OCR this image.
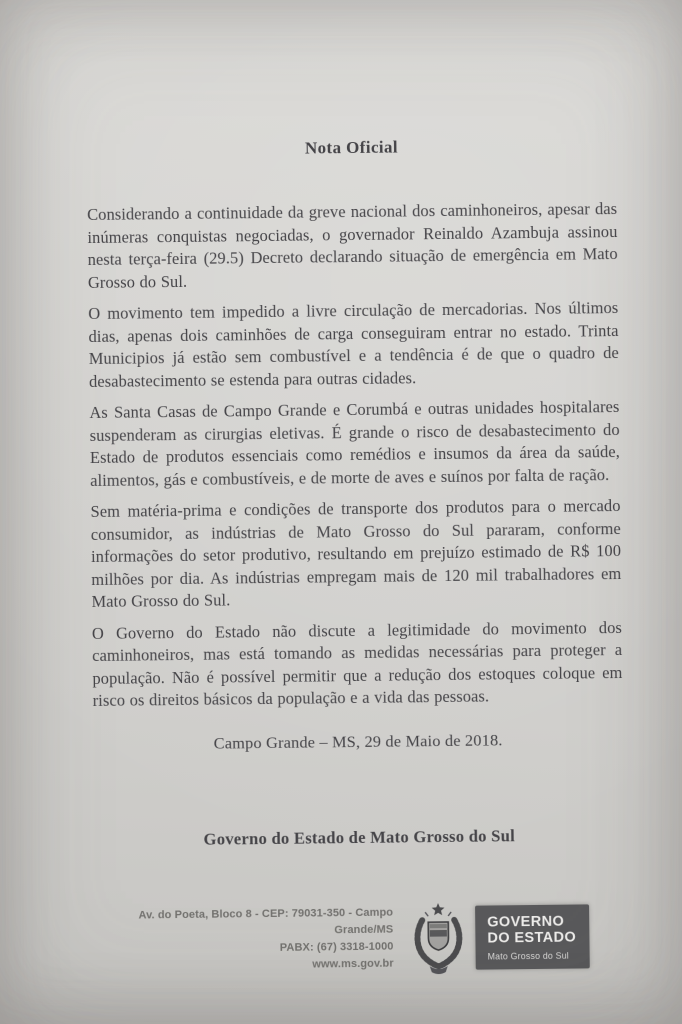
Nota Oficial

Considerando a continuidade da greve nacional dos caminhoneiros, apesar das inúmeras conquistas negociadas, o governador Reinaldo Azambuja assinou nesta terça-feira (29.5) Decreto declarando situação de emergência em Mato Grosso do Sul.

O movimento tem impedido a livre circulação de mercadorias. Nos últimos dias, apenas dois caminhões de carga conseguiram entrar no estado. Trinta Municipios já estão sem combustível e a tendência é de que o quadro de desabastecimento se estenda para outras cidades.

As Santa Casas de Campo Grande e Corumbá e outras unidades hospitalares suspenderam as cirurgias eletivas. É grande o risco de desabastecimento do Estado de produtos essenciais como remédios e insumos da área da saúde, alimentos, gás e combustíveis, e de morte de aves e suínos por falta de ração.

Sem matéria-prima e condições de transporte dos produtos para o mercado consumidor, as indústrias de Mato Grosso do Sul pararam, conforme informações do setor produtivo, resultando em prejuízo estimado de R$ 100 milhões por dia. As indústrias empregam mais de 120 mil trabalhadores em Mato Grosso do Sul.

O Governo do Estado não discute a legitimidade do movimento dos caminhoneiros, mas está tomando as medidas necessárias para proteger a população. Não é possível permitir que a redução dos estoques coloque em risco os direitos básicos da população e a vida das pessoas.

Campo Grande – MS, 29 de Maio de 2018.

Governo do Estado de Mato Grosso do Sul

Av. do Poeta, Bloco 8 - CEP: 79031-350 - Campo Grande/MS
PABX: (67) 3318-1000
www.ms.gov.br
GOVERNO
DO ESTADO
Mato Grosso do Sul
